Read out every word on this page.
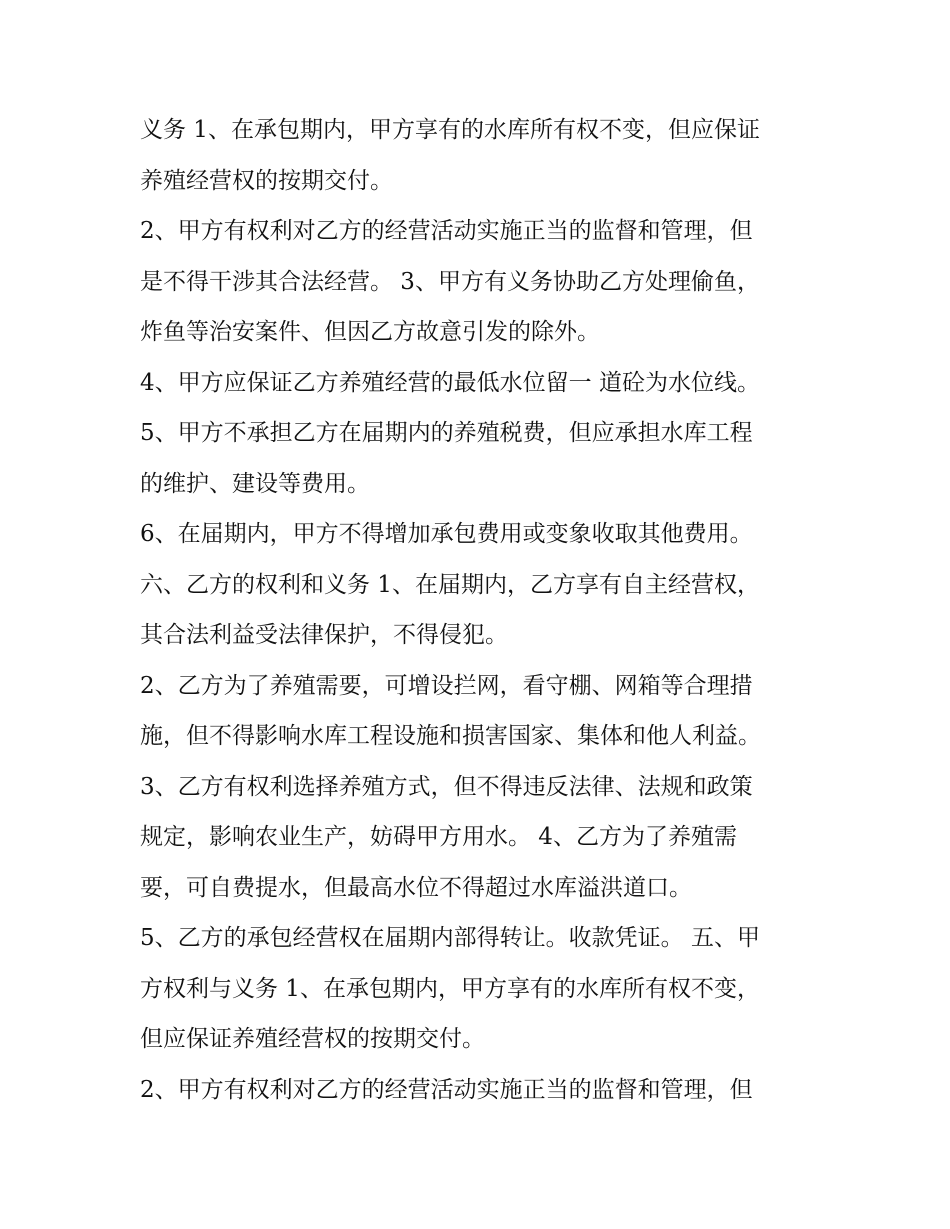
义务 1、在承包期内，甲方享有的水库所有权不变，但应保证
养殖经营权的按期交付。
2、甲方有权利对乙方的经营活动实施正当的监督和管理，但
是不得干涉其合法经营。 3、甲方有义务协助乙方处理偷鱼，
炸鱼等治安案件、但因乙方故意引发的除外。
4、甲方应保证乙方养殖经营的最低水位留一 道砼为水位线。
5、甲方不承担乙方在届期内的养殖税费，但应承担水库工程
的维护、建设等费用。
6、在届期内，甲方不得增加承包费用或变象收取其他费用。
六、乙方的权利和义务 1、在届期内，乙方享有自主经营权，
其合法利益受法律保护，不得侵犯。
2、乙方为了养殖需要，可增设拦网，看守棚、网箱等合理措
施，但不得影响水库工程设施和损害国家、集体和他人利益。
3、乙方有权利选择养殖方式，但不得违反法律、法规和政策
规定，影响农业生产，妨碍甲方用水。 4、乙方为了养殖需
要，可自费提水，但最高水位不得超过水库溢洪道口。
5、乙方的承包经营权在届期内部得转让。收款凭证。 五、甲
方权利与义务 1、在承包期内，甲方享有的水库所有权不变，
但应保证养殖经营权的按期交付。
2、甲方有权利对乙方的经营活动实施正当的监督和管理，但
